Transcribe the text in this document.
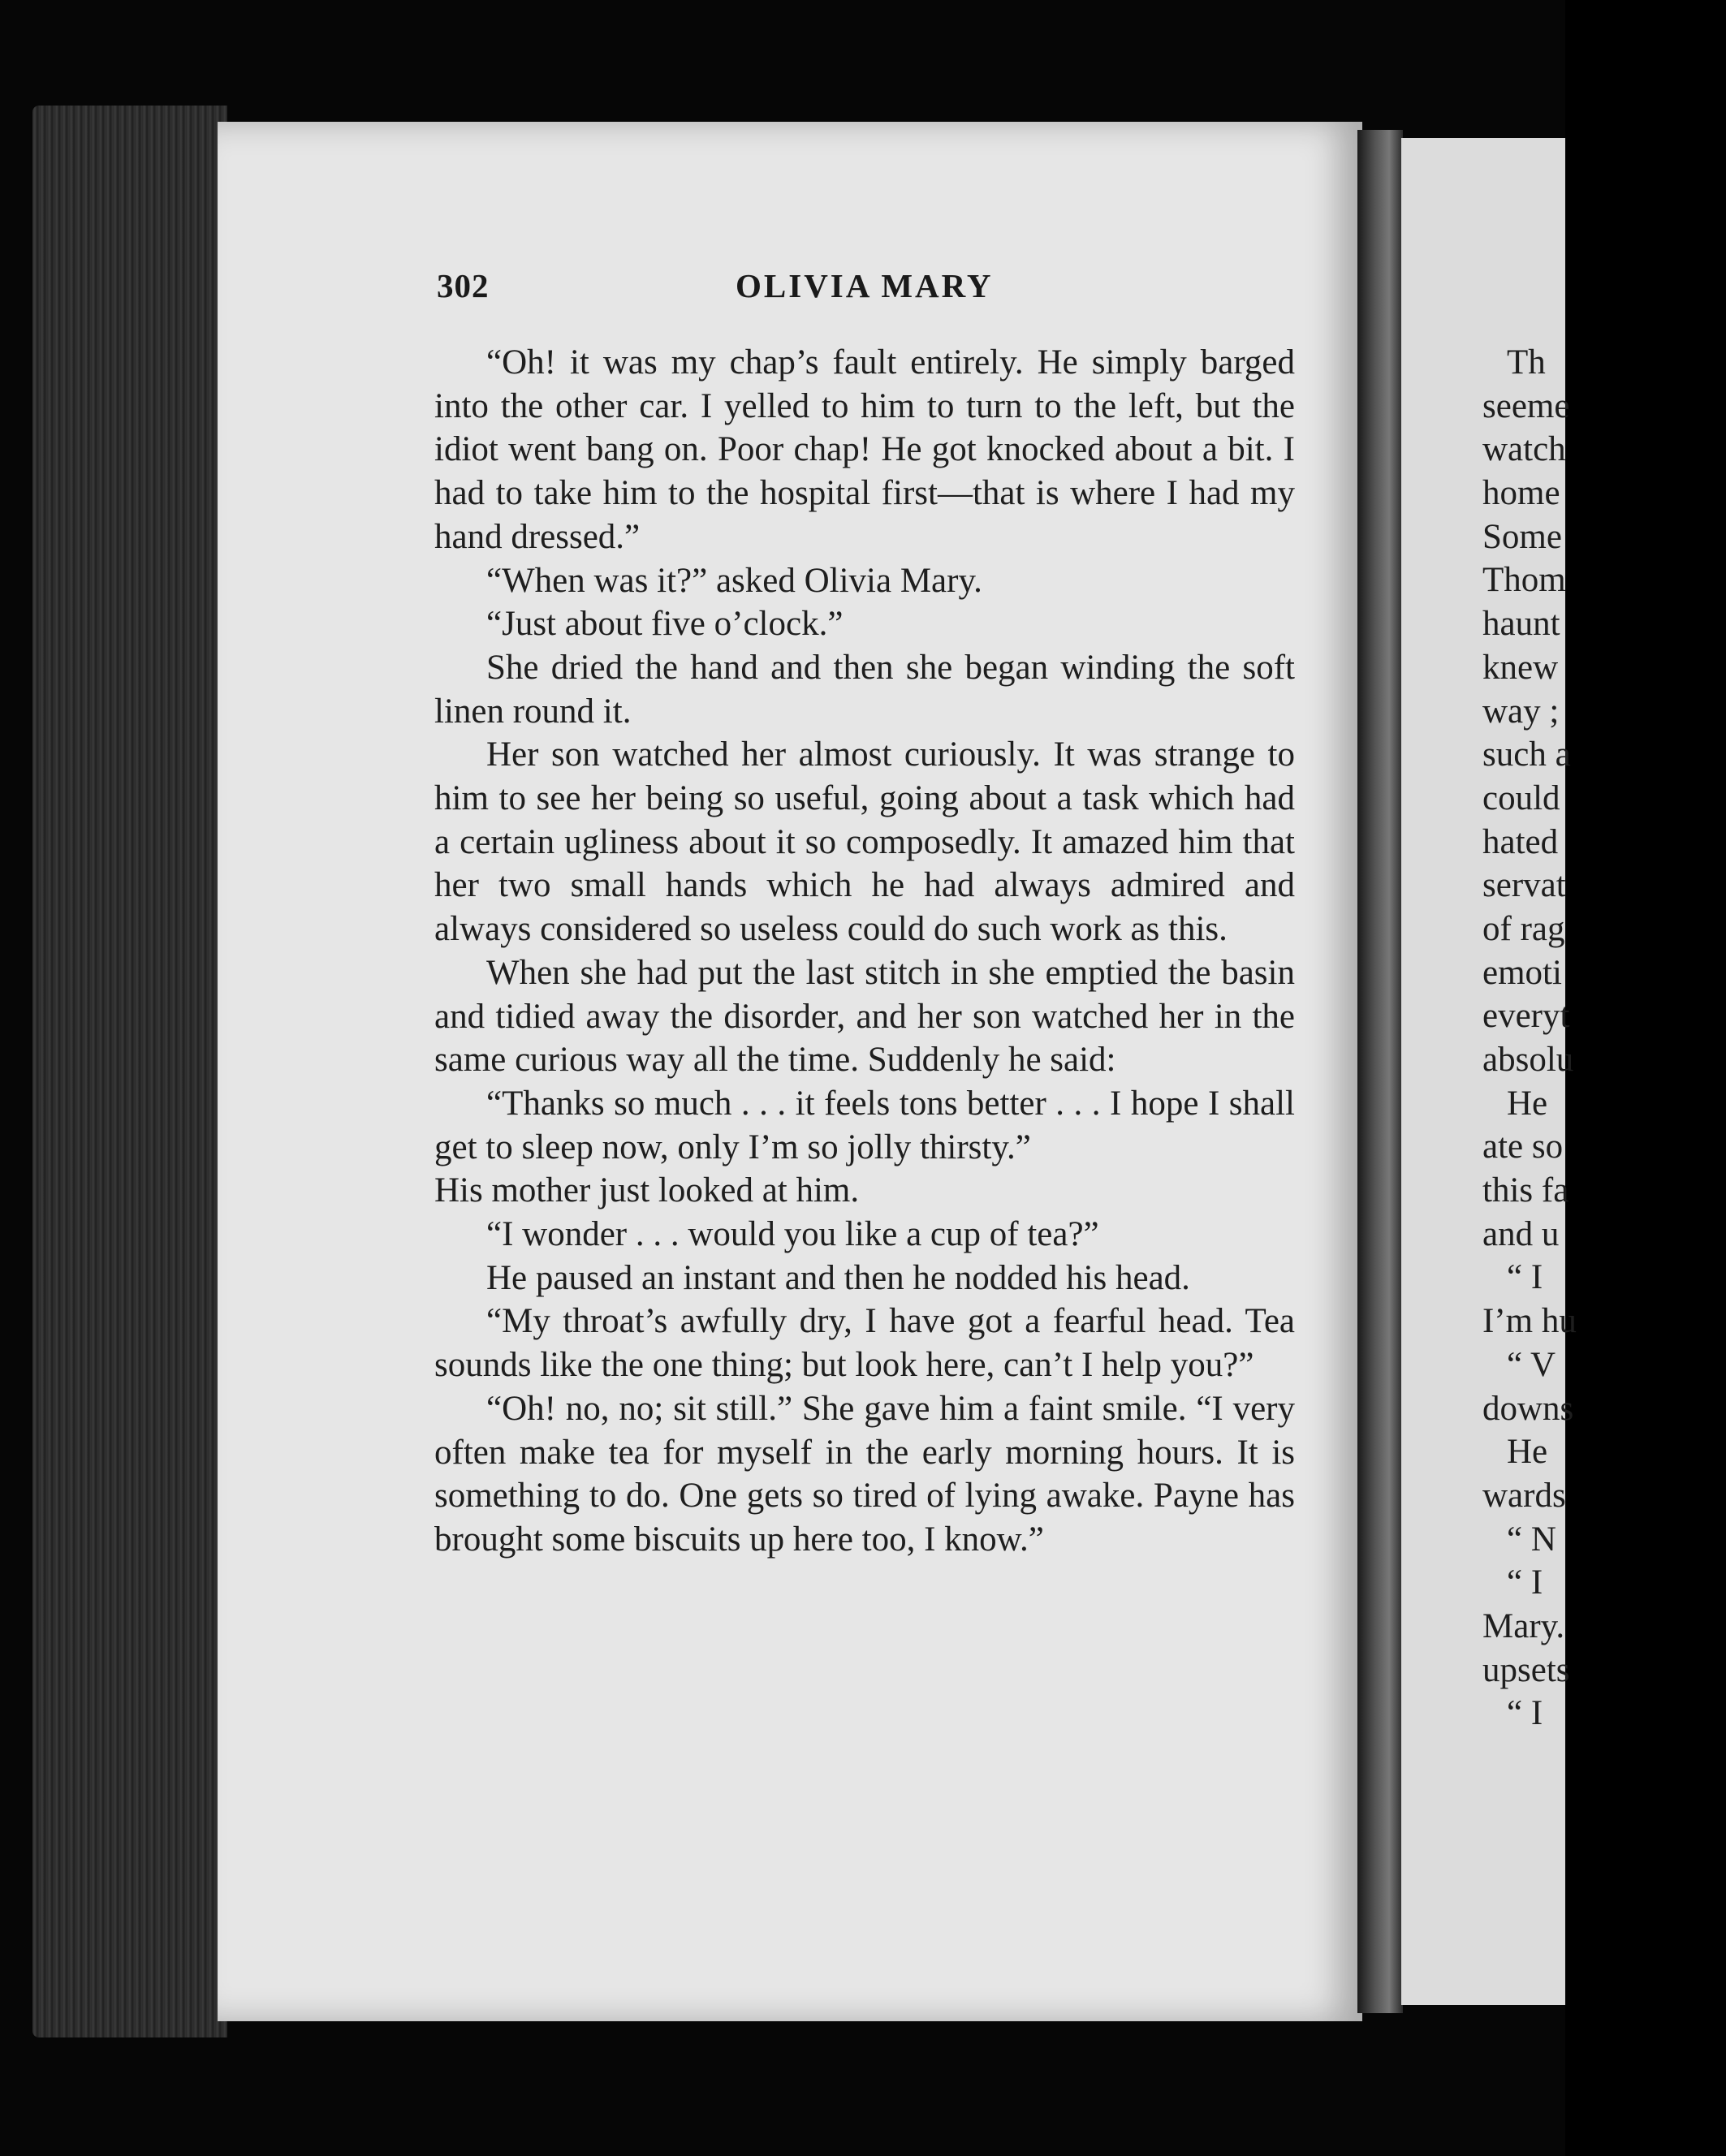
302	OLIVIA MARY

“Oh! it was my chap’s fault entirely. He simply barged into the other car. I yelled to him to turn to the left, but the idiot went bang on. Poor chap! He got knocked about a bit. I had to take him to the hospital first—that is where I had my hand dressed.”

“When was it?” asked Olivia Mary.

“Just about five o’clock.”

She dried the hand and then she began winding the soft linen round it.

Her son watched her almost curiously. It was strange to him to see her being so useful, going about a task which had a certain ugliness about it so composedly. It amazed him that her two small hands which he had always admired and always considered so useless could do such work as this.

When she had put the last stitch in she emptied the basin and tidied away the disorder, and her son watched her in the same curious way all the time. Suddenly he said:

“Thanks so much . . . it feels tons better . . . I hope I shall get to sleep now, only I’m so jolly thirsty.”

His mother just looked at him.

“I wonder . . . would you like a cup of tea?”

He paused an instant and then he nodded his head.

“My throat’s awfully dry, I have got a fearful head. Tea sounds like the one thing; but look here, can’t I help you?”

“Oh! no, no; sit still.” She gave him a faint smile. “I very often make tea for myself in the early morning hours. It is something to do. One gets so tired of lying awake. Payne has brought some biscuits up here too, I know.”

Th
seeme
watch
home
Some
Thom
haunt
knew
way ;
such a
could
hated
servat
of rag
emoti
everyt
absolu
He
ate so
this fa
and u
“ I
I’m hu
“ V
downs
He
wards
“ N
“ I
Mary.
upsets
“ I
